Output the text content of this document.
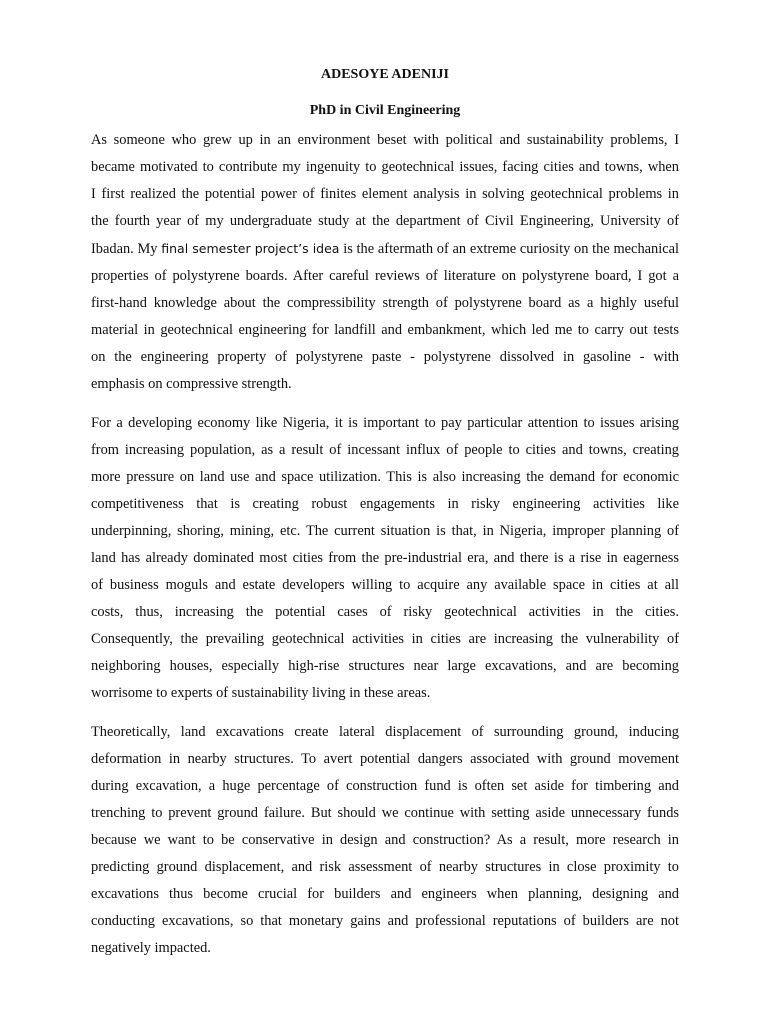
ADESOYE ADENIJI

PhD in Civil Engineering

As someone who grew up in an environment beset with political and sustainability problems, I
became motivated to contribute my ingenuity to geotechnical issues, facing cities and towns, when
I first realized the potential power of finites element analysis in solving geotechnical problems in
the fourth year of my undergraduate study at the department of Civil Engineering, University of
Ibadan. My final semester project’s idea is the aftermath of an extreme curiosity on the mechanical
properties of polystyrene boards. After careful reviews of literature on polystyrene board, I got a
first-hand knowledge about the compressibility strength of polystyrene board as a highly useful
material in geotechnical engineering for landfill and embankment, which led me to carry out tests
on the engineering property of polystyrene paste - polystyrene dissolved in gasoline - with
emphasis on compressive strength.
For a developing economy like Nigeria, it is important to pay particular attention to issues arising
from increasing population, as a result of incessant influx of people to cities and towns, creating
more pressure on land use and space utilization. This is also increasing the demand for economic
competitiveness that is creating robust engagements in risky engineering activities like
underpinning, shoring, mining, etc. The current situation is that, in Nigeria, improper planning of
land has already dominated most cities from the pre-industrial era, and there is a rise in eagerness
of business moguls and estate developers willing to acquire any available space in cities at all
costs, thus, increasing the potential cases of risky geotechnical activities in the cities.
Consequently, the prevailing geotechnical activities in cities are increasing the vulnerability of
neighboring houses, especially high-rise structures near large excavations, and are becoming
worrisome to experts of sustainability living in these areas.
Theoretically, land excavations create lateral displacement of surrounding ground, inducing
deformation in nearby structures. To avert potential dangers associated with ground movement
during excavation, a huge percentage of construction fund is often set aside for timbering and
trenching to prevent ground failure. But should we continue with setting aside unnecessary funds
because we want to be conservative in design and construction? As a result, more research in
predicting ground displacement, and risk assessment of nearby structures in close proximity to
excavations thus become crucial for builders and engineers when planning, designing and
conducting excavations, so that monetary gains and professional reputations of builders are not
negatively impacted.
